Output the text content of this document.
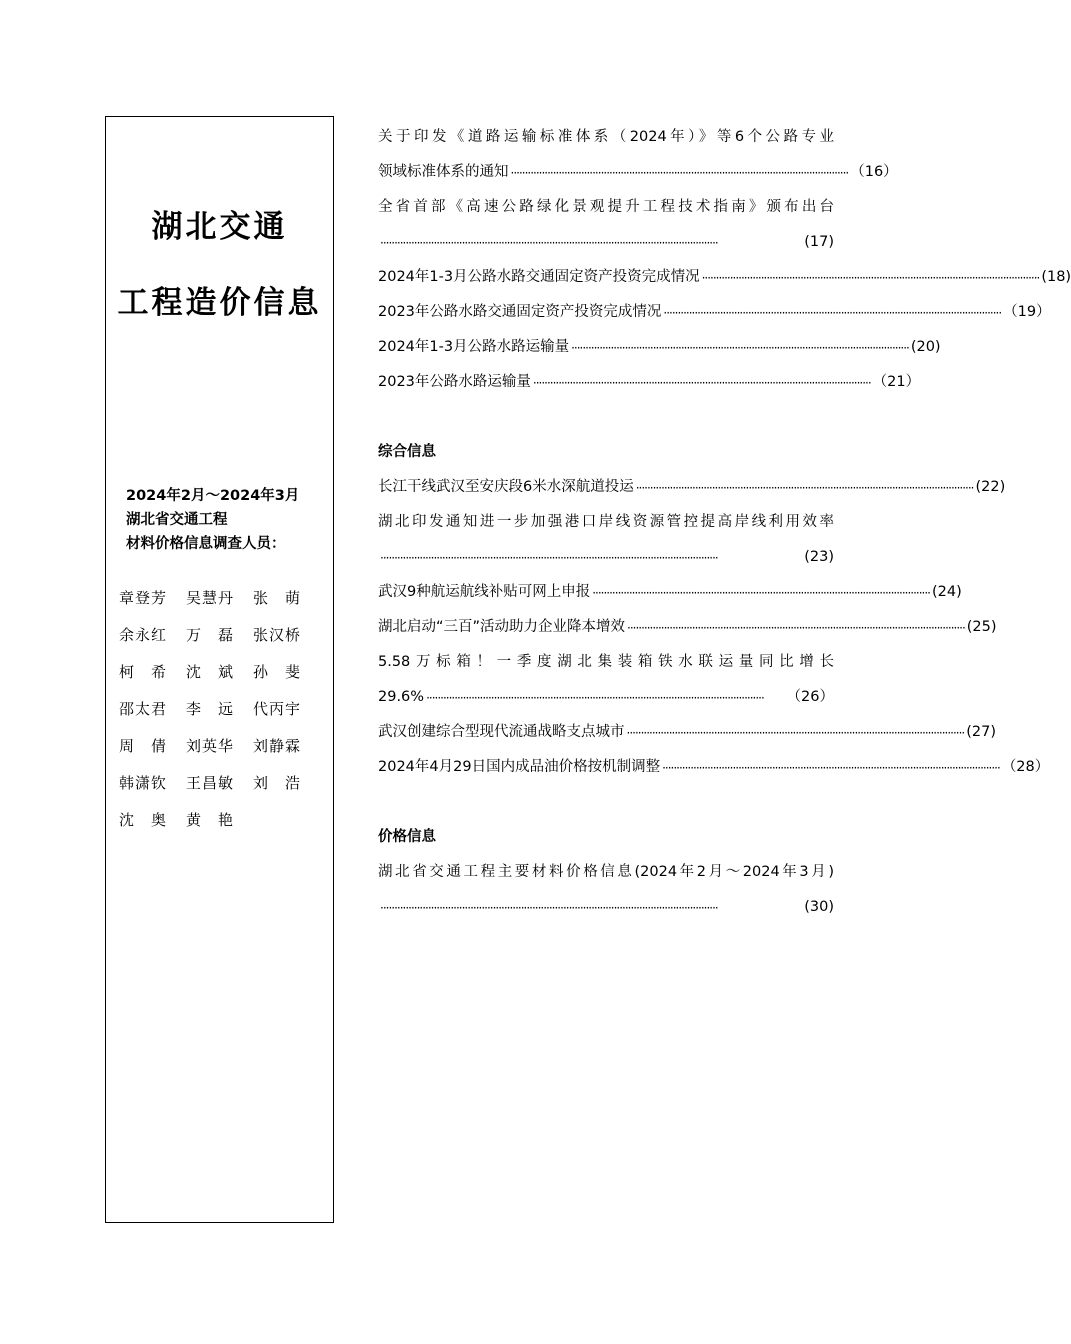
湖北交通
工程造价信息
2024年2月～2024年3月
湖北省交通工程
材料价格信息调查人员：
章登芳	吴慧丹	张　萌
余永红	万　磊	张汉桥
柯　希	沈　斌	孙　斐
邵太君	李　远	代丙宇
周　倩	刘英华	刘静霖
韩潇钦	王昌敏	刘　浩
沈　奥	黄　艳
关于印发《道路运输标准体系（2024年）》等6个公路专业
领域标准体系的通知 ························································································································ （16）
全省首部《高速公路绿化景观提升工程技术指南》颁布出台
························································································································	(17)
2024年1-3月公路水路交通固定资产投资完成情况 ························································································································ (18)
2023年公路水路交通固定资产投资完成情况 ························································································································ （19）
2024年1-3月公路水路运输量 ························································································································ (20)
2023年公路水路运输量 ························································································································ （21）
综合信息
长江干线武汉至安庆段6米水深航道投运 ························································································································ (22)
湖北印发通知进一步加强港口岸线资源管控提高岸线利用效率
························································································································	(23)
武汉9种航运航线补贴可网上申报 ························································································································ (24)
湖北启动“三百”活动助力企业降本增效 ························································································································ (25)
5.58万标箱！一季度湖北集装箱铁水联运量同比增长
29.6% ························································································································	（26）
武汉创建综合型现代流通战略支点城市 ························································································································ (27)
2024年4月29日国内成品油价格按机制调整 ························································································································ （28）
价格信息
湖北省交通工程主要材料价格信息(2024年2月～2024年3月)
························································································································	(30)
